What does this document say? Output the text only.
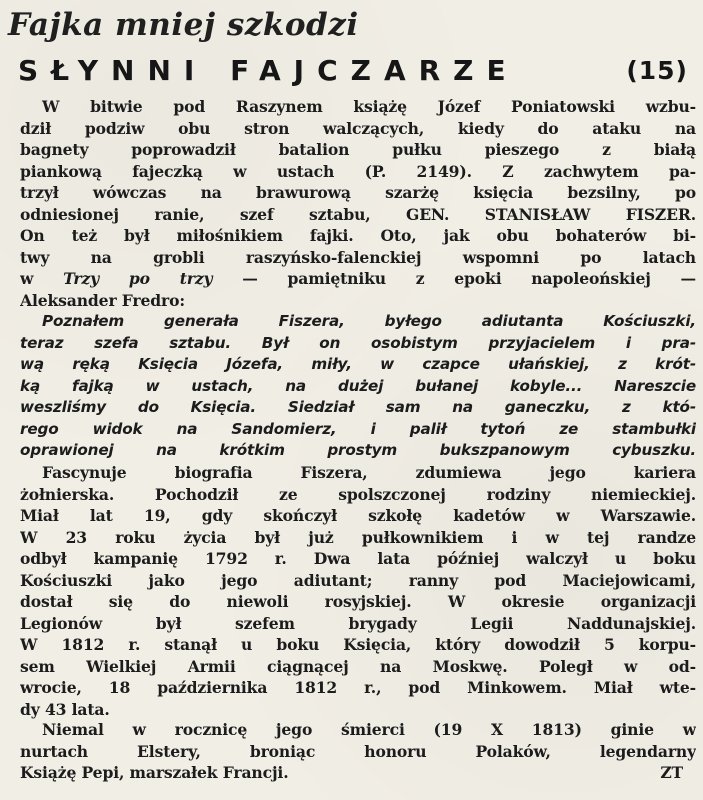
Fajka mniej szkodzi
SŁYNNI FAJCZARZE	(15)
W bitwie pod Raszynem książę Józef Poniatowski wzbu-
dził podziw obu stron walczących, kiedy do ataku na
bagnety poprowadził batalion pułku pieszego z białą
piankową fajeczką w ustach (P. 2149). Z zachwytem pa-
trzył wówczas na brawurową szarżę księcia bezsilny, po
odniesionej ranie, szef sztabu, GEN. STANISŁAW FISZER.
On też był miłośnikiem fajki. Oto, jak obu bohaterów bi-
twy na grobli raszyńsko-falenckiej wspomni po latach
w Trzy po trzy — pamiętniku z epoki napoleońskiej —
Aleksander Fredro:
Poznałem generała Fiszera, byłego adiutanta Kościuszki,
teraz szefa sztabu. Był on osobistym przyjacielem i pra-
wą ręką Księcia Józefa, miły, w czapce ułańskiej, z krót-
ką fajką w ustach, na dużej bułanej kobyle... Nareszcie
weszliśmy do Księcia. Siedział sam na ganeczku, z któ-
rego widok na Sandomierz, i palił tytoń ze stambułki
oprawionej na krótkim prostym bukszpanowym cybuszku.
Fascynuje biografia Fiszera, zdumiewa jego kariera
żołnierska. Pochodził ze spolszczonej rodziny niemieckiej.
Miał lat 19, gdy skończył szkołę kadetów w Warszawie.
W 23 roku życia był już pułkownikiem i w tej randze
odbył kampanię 1792 r. Dwa lata później walczył u boku
Kościuszki jako jego adiutant; ranny pod Maciejowicami,
dostał się do niewoli rosyjskiej. W okresie organizacji
Legionów był szefem brygady Legii Naddunajskiej.
W 1812 r. stanął u boku Księcia, który dowodził 5 korpu-
sem Wielkiej Armii ciągnącej na Moskwę. Poległ w od-
wrocie, 18 października 1812 r., pod Minkowem. Miał wte-
dy 43 lata.
Niemal w rocznicę jego śmierci (19 X 1813) ginie w
nurtach Elstery, broniąc honoru Polaków, legendarny
Książę Pepi, marszałek Francji.	ZT
